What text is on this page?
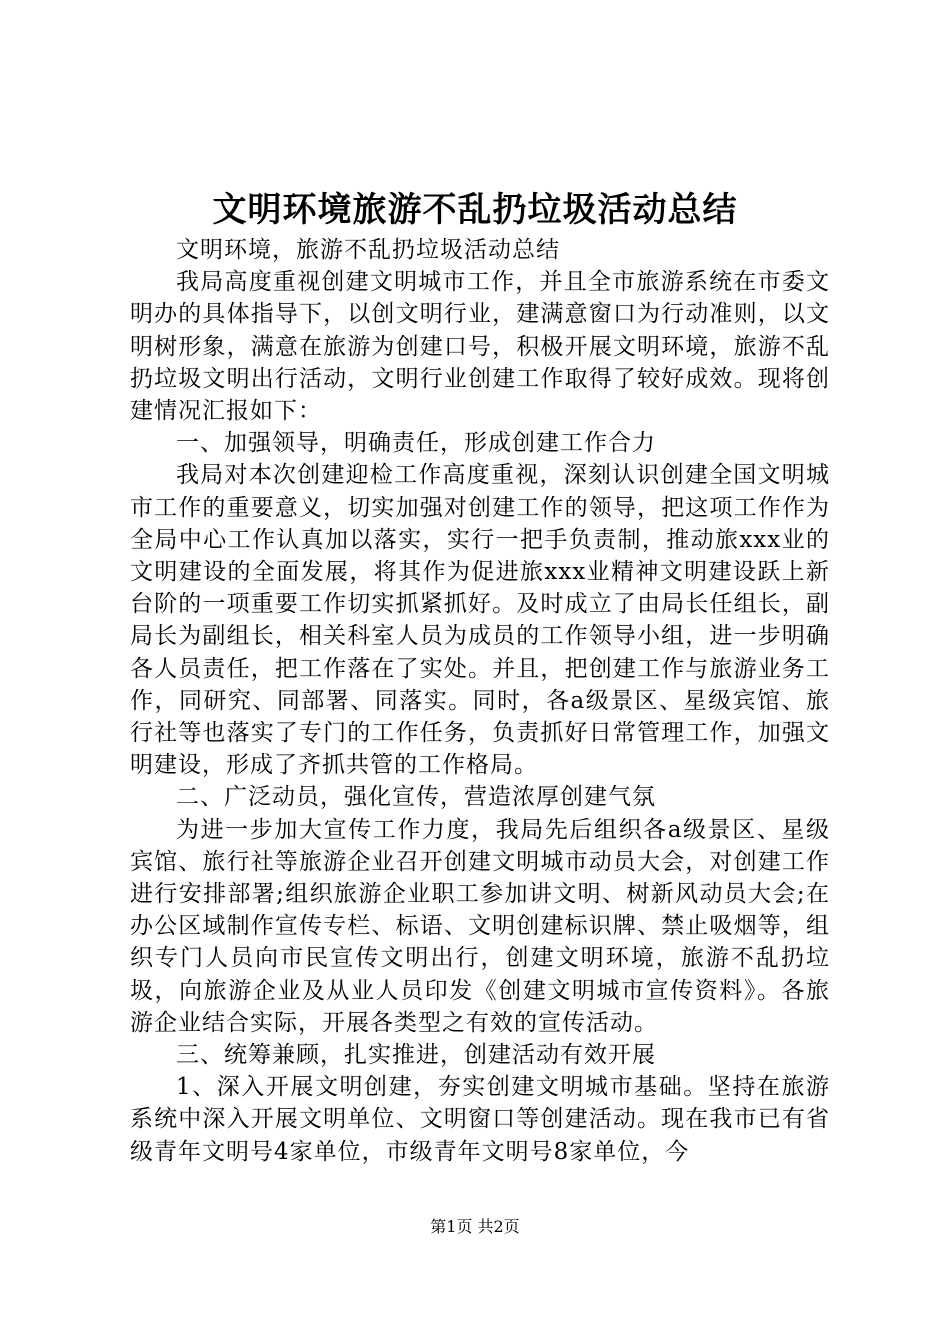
文明环境旅游不乱扔垃圾活动总结

文明环境，旅游不乱扔垃圾活动总结

我局高度重视创建文明城市工作，并且全市旅游系统在市委文明办的具体指导下，以创文明行业，建满意窗口为行动准则，以文明树形象，满意在旅游为创建口号，积极开展文明环境，旅游不乱扔垃圾文明出行活动，文明行业创建工作取得了较好成效。现将创建情况汇报如下：

一、加强领导，明确责任，形成创建工作合力

我局对本次创建迎检工作高度重视，深刻认识创建全国文明城市工作的重要意义，切实加强对创建工作的领导，把这项工作作为全局中心工作认真加以落实，实行一把手负责制，推动旅xxx业的文明建设的全面发展，将其作为促进旅xxx业精神文明建设跃上新台阶的一项重要工作切实抓紧抓好。及时成立了由局长任组长，副局长为副组长，相关科室人员为成员的工作领导小组，进一步明确各人员责任，把工作落在了实处。并且，把创建工作与旅游业务工作，同研究、同部署、同落实。同时，各a级景区、星级宾馆、旅行社等也落实了专门的工作任务，负责抓好日常管理工作，加强文明建设，形成了齐抓共管的工作格局。

二、广泛动员，强化宣传，营造浓厚创建气氛

为进一步加大宣传工作力度，我局先后组织各a级景区、星级宾馆、旅行社等旅游企业召开创建文明城市动员大会，对创建工作进行安排部署;组织旅游企业职工参加讲文明、树新风动员大会;在办公区域制作宣传专栏、标语、文明创建标识牌、禁止吸烟等，组织专门人员向市民宣传文明出行，创建文明环境，旅游不乱扔垃圾，向旅游企业及从业人员印发《创建文明城市宣传资料》。各旅游企业结合实际，开展各类型之有效的宣传活动。

三、统筹兼顾，扎实推进，创建活动有效开展

1、深入开展文明创建，夯实创建文明城市基础。坚持在旅游系统中深入开展文明单位、文明窗口等创建活动。现在我市已有省级青年文明号4家单位，市级青年文明号8家单位，今

第1页 共2页
